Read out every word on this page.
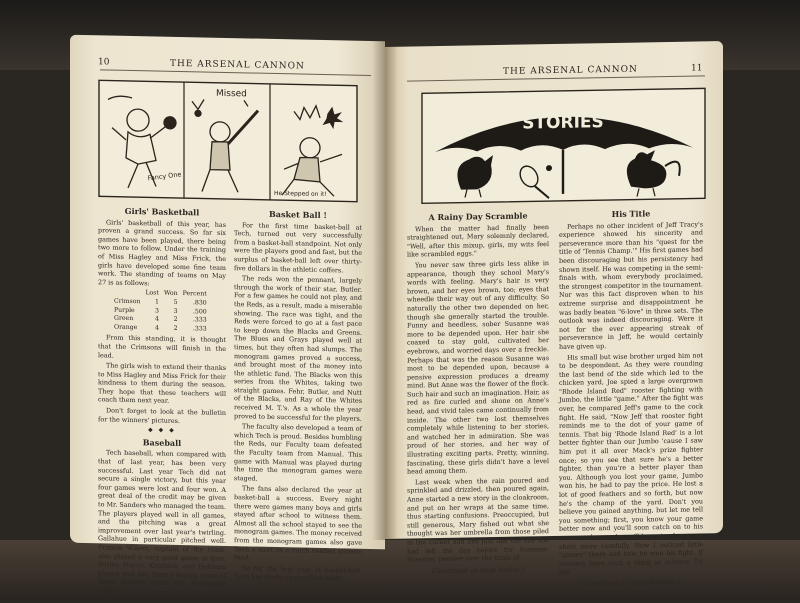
10	THE ARSENAL CANNON
Missed
Fancy One
He Stepped on it!
Girls' Basketball

Girls' basketball of this year, has proven a grand success. So far six games have been played, there being two more to follow. Under the training of Miss Hagley and Miss Frick, the girls have developed some fine team work. The standing of teams on May 27 is as follows:

	Lost	Won	Percent
Crimson	1	5	.830
Purple	3	3	.500
Green	4	2	.333
Orange	4	2	.333

From this standing, it is thought that the Crimsons will finish in the lead.

The girls wish to extend their thanks to Miss Hagley and Miss Frick for their kindness to them during the season. They hope that these teachers will coach them next year.

Don't forget to look at the bulletin for the winners' pictures.

◆ ◆ ◆
Baseball

Tech baseball, when compared with that of last year, has been very successful. Last year Tech did not secure a single victory, but this year four games were lost and four won. A great deal of the credit may be given to Mr. Sanders who managed the team. The players played well in all games, and the pitching was a great improvement over last year's twirling. Gallahue in particular pitched well. Francis Wilson, captain of the team, also played a very good game at first. Butler, Harris, Kimmick, and Heitkam played well too. Here's hoping some of these players make the monogram team.

Basket Ball !

For the first time basket-ball at Tech, turned out very successfully from a basket-ball standpoint. Not only were the players good and fast, but the surplus of basket-ball left over thirty-five dollars in the athletic coffers.

The reds won the pennant, largely through the work of their star, Butler. For a few games he could not play, and the Reds, as a result, made a miserable showing. The race was tight, and the Reds were forced to go at a fast pace to keep down the Blacks and Greens. The Blues and Grays played well at times, but they often had slumps. The monogram games proved a success, and brought most of the money into the athletic fund. The Blacks won this series from the Whites, taking two straight games. Fehr, Butler, and Nutt of the Blacks, and Ray of the Whites received M. T.'s. As a whole the year proved to be successful for the players.

The faculty also developed a team of which Tech is proud. Besides humbling the Reds, our Faculty team defeated the Faculty team from Manual. This game with Manual was played during the time the monogram games were staged.

The fans also declared the year at basket-ball a success. Every night there were games many boys and girls stayed after school to witness them. Almost all the school stayed to see the monogram games. The money received from the monogram games also gave Tech a start on a much needed athletic fund.

So for the first year at basket-ball, Tech has made an excellent start.

THE ARSENAL CANNON	11
STORIES
A Rainy Day Scramble

When the matter had finally been straightened out, Mary solemnly declared, "Well, after this mixup, girls, my wits feel like scrambled eggs."

You never saw three girls less alike in appearance, though they school Mary's words with feeling. Mary's hair is very brown, and her eyes brown, too; eyes that wheedle their way out of any difficulty. So naturally the other two depended on her, though she generally started the trouble. Funny and heedless, sober Susanne was more to be depended upon. Her hair she coaxed to stay gold, cultivated her eyebrows, and worried days over a freckle. Perhaps that was the reason Susanne was most to be depended upon, because a pensive expression produces a dreamy mind. But Anne was the flower of the flock. Such hair and such an imagination. Hair, as red as fire curled and shone on Anne's head, and vivid tales came continually from inside. The other two lost themselves completely while listening to her stories, and watched her in admiration. She was proud of her stories, and her way of illustrating exciting parts. Pretty, winning, fascinating, these girls didn't have a level head among them.

Last week when the rain poured and sprinkled and drizzled, then poured again, Anne started a new story in the cloakroom, and put on her wraps at the same time, thus starting confusions. Preoccupied, but still generous, Mary fished out what she thought was her umbrella from those piled in the corner and one just like the one she had left the day before for Susanne. Susanne, pensive over the trials of

(Continued on page twelve.)
His Title

Perhaps no other incident of Jeff Tracy's experience showed his sincerity and perseverance more than his "quest for the title of 'Tennis Champ.'" His first games had been discouraging but his persistency had shown itself. He was competing in the semi-finals with, whom everybody proclaimed, the strongest competitor in the tournament. Nor was this fact disproven when to his extreme surprise and disappointment he was badly beaten "6-love" in three sets. The outlook was indeed discouraging. Were it not for the ever appearing streak of perseverance in Jeff, he would certainly have given up.

His small but wise brother urged him not to be despondent. As they were rounding the last bend of the side which led to the chicken yard, Joe spied a large overgrown "Rhode Island Red" rooster fighting with Jumbo, the little "game." After the fight was over, he compared Jeff's game to the cock fight. He said, "Now Jeff that rooster fight reminds me to the dot of your game of tennis. That big 'Rhode Island Red' is a lot better fighter than our Jumbo 'cause I saw him put it all over Mack's prize fighter once; so you see that sure he's a better fighter, than you're a better player than you. Although you lost your game, Jumbo won his, he had to pay the price. He lost a lot of good feathers and so forth, but now he's the champ of the yard. Don't you believe you gained anything, but let me tell you something; first, you know your game better now and you'll soon catch on to his serve, and second, you'll learn to place your shots more carefully. Now I noticed little "games" there and how he won his fight. If roosters have such a thing as science, I'd say

(Continued on page thirteen.)
